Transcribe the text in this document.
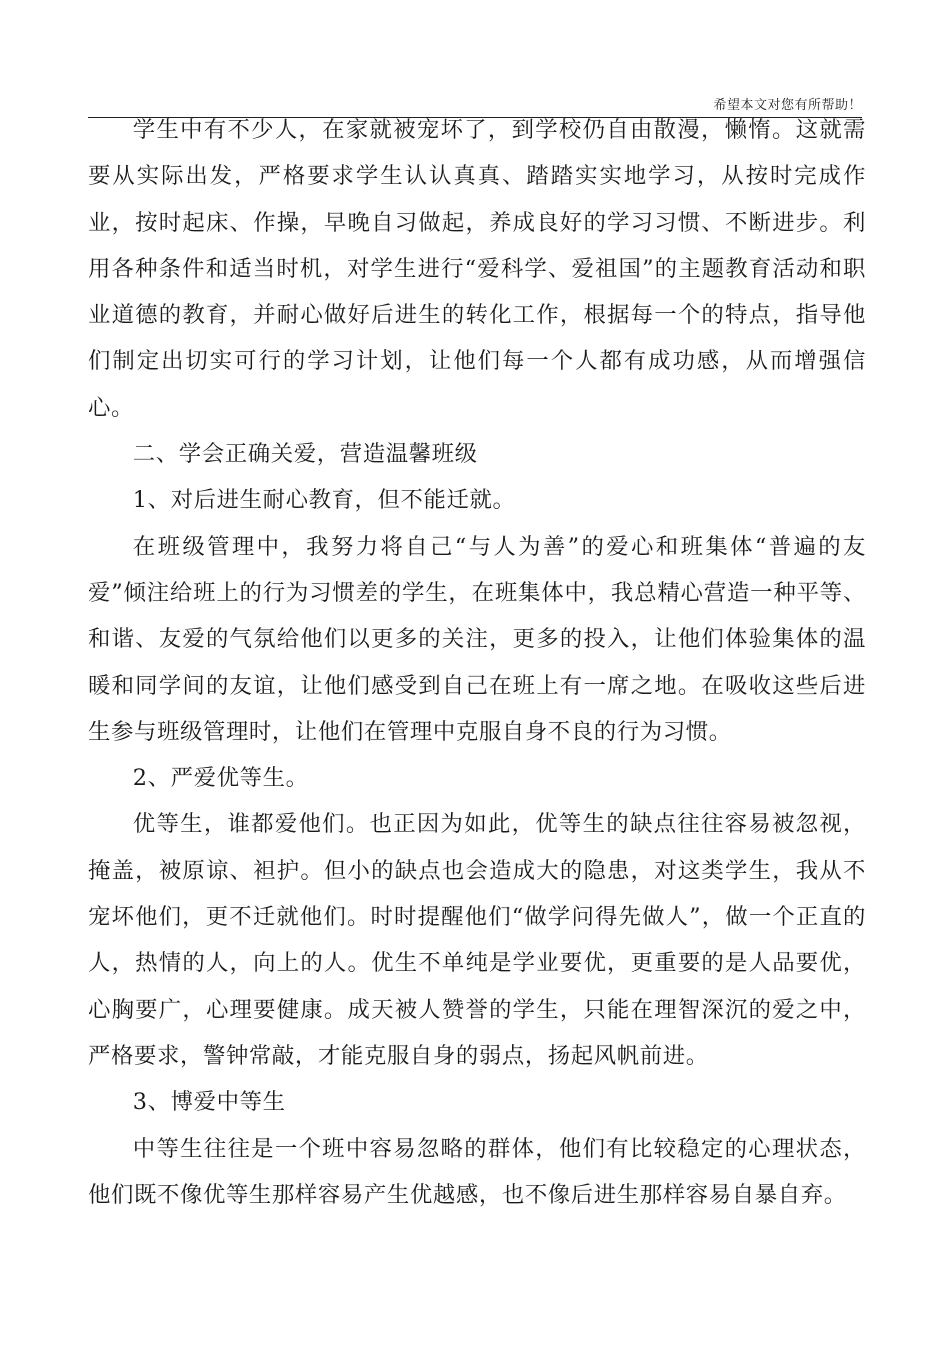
希望本文对您有所帮助！

学生中有不少人，在家就被宠坏了，到学校仍自由散漫，懒惰。这就需要从实际出发，严格要求学生认认真真、踏踏实实地学习，从按时完成作业，按时起床、作操，早晚自习做起，养成良好的学习习惯、不断进步。利用各种条件和适当时机，对学生进行“爱科学、爱祖国”的主题教育活动和职业道德的教育，并耐心做好后进生的转化工作，根据每一个的特点，指导他们制定出切实可行的学习计划，让他们每一个人都有成功感，从而增强信心。

二、学会正确关爱，营造温馨班级

1、对后进生耐心教育，但不能迁就。

在班级管理中，我努力将自己“与人为善”的爱心和班集体“普遍的友爱”倾注给班上的行为习惯差的学生，在班集体中，我总精心营造一种平等、和谐、友爱的气氛给他们以更多的关注，更多的投入，让他们体验集体的温暖和同学间的友谊，让他们感受到自己在班上有一席之地。在吸收这些后进生参与班级管理时，让他们在管理中克服自身不良的行为习惯。

2、严爱优等生。

优等生，谁都爱他们。也正因为如此，优等生的缺点往往容易被忽视，掩盖，被原谅、袒护。但小的缺点也会造成大的隐患，对这类学生，我从不宠坏他们，更不迁就他们。时时提醒他们“做学问得先做人”，做一个正直的人，热情的人，向上的人。优生不单纯是学业要优，更重要的是人品要优，心胸要广，心理要健康。成天被人赞誉的学生，只能在理智深沉的爱之中，严格要求，警钟常敲，才能克服自身的弱点，扬起风帆前进。

3、博爱中等生

中等生往往是一个班中容易忽略的群体，他们有比较稳定的心理状态，他们既不像优等生那样容易产生优越感，也不像后进生那样容易自暴自弃。
